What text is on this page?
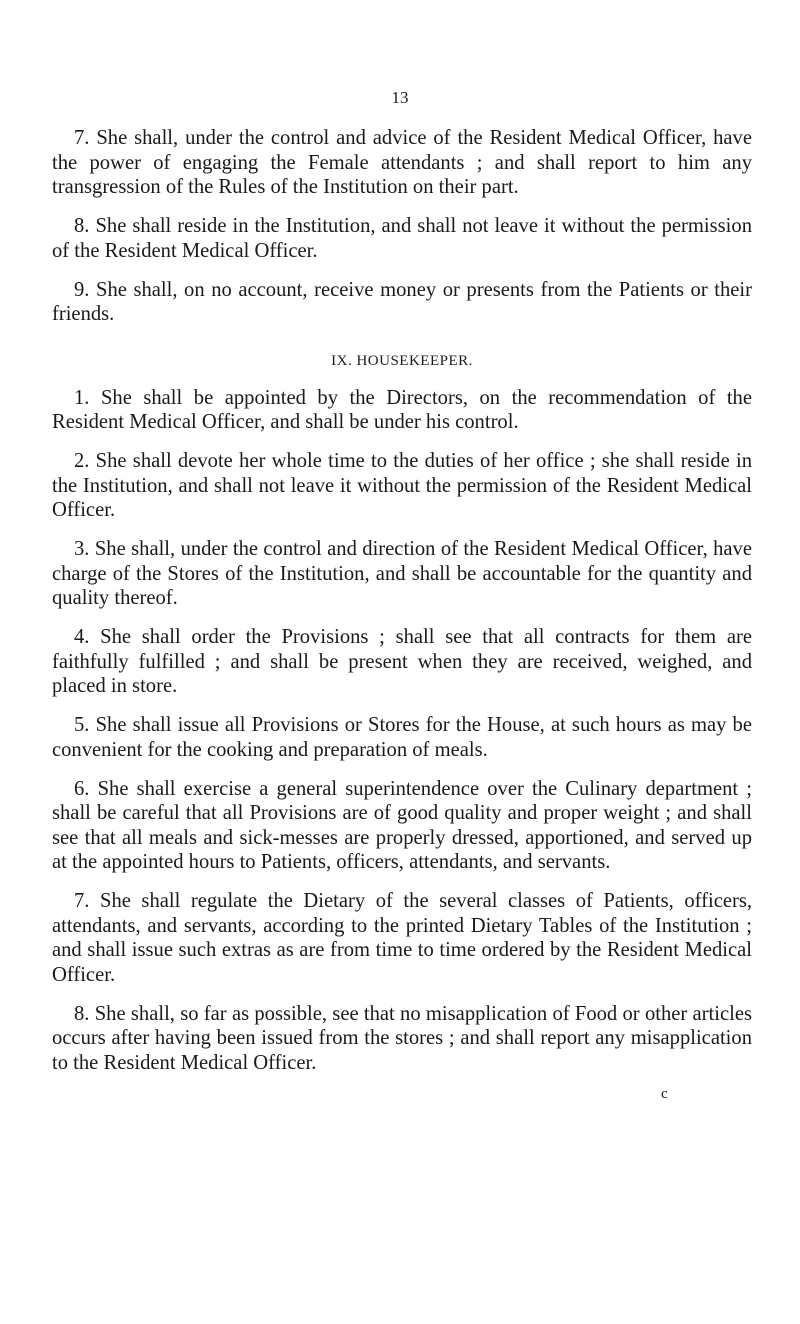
13

7. She shall, under the control and advice of the Resident Medical Officer, have the power of engaging the Female attendants ; and shall report to him any transgression of the Rules of the Institution on their part.

8. She shall reside in the Institution, and shall not leave it without the permission of the Resident Medical Officer.

9. She shall, on no account, receive money or presents from the Patients or their friends.

IX. HOUSEKEEPER.

1. She shall be appointed by the Directors, on the recommendation of the Resident Medical Officer, and shall be under his control.

2. She shall devote her whole time to the duties of her office ; she shall reside in the Institution, and shall not leave it without the permission of the Resident Medical Officer.

3. She shall, under the control and direction of the Resident Medical Officer, have charge of the Stores of the Institution, and shall be accountable for the quantity and quality thereof.

4. She shall order the Provisions ; shall see that all contracts for them are faithfully fulfilled ; and shall be present when they are received, weighed, and placed in store.

5. She shall issue all Provisions or Stores for the House, at such hours as may be convenient for the cooking and preparation of meals.

6. She shall exercise a general superintendence over the Culinary department ; shall be careful that all Provisions are of good quality and proper weight ; and shall see that all meals and sick-messes are properly dressed, apportioned, and served up at the appointed hours to Patients, officers, attendants, and servants.

7. She shall regulate the Dietary of the several classes of Patients, officers, attendants, and servants, according to the printed Dietary Tables of the Institution ; and shall issue such extras as are from time to time ordered by the Resident Medical Officer.

8. She shall, so far as possible, see that no misapplication of Food or other articles occurs after having been issued from the stores ; and shall report any misapplication to the Resident Medical Officer.

c
